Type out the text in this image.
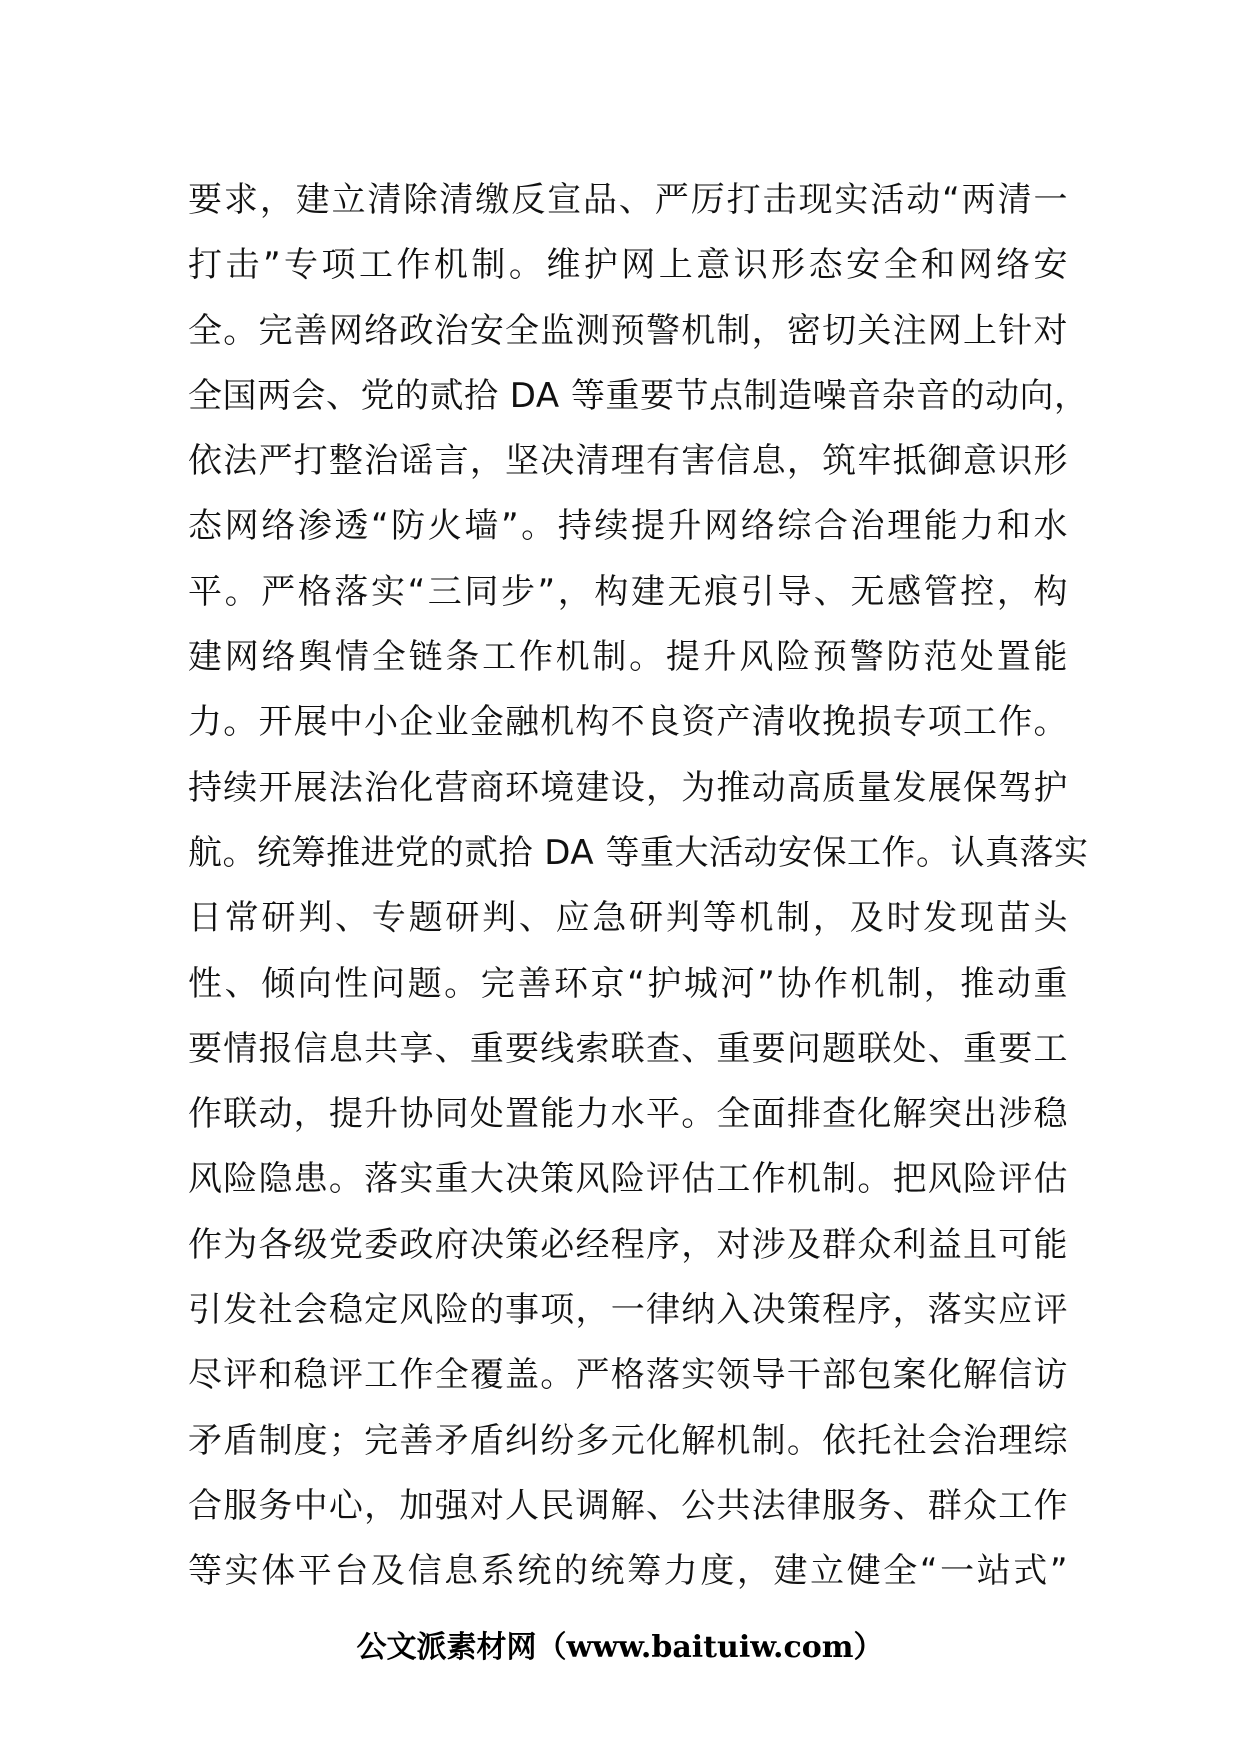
要求，建立清除清缴反宣品、严厉打击现实活动“两清一
打击”专项工作机制。维护网上意识形态安全和网络安
全。完善网络政治安全监测预警机制，密切关注网上针对
全国两会、党的贰拾 DA 等重要节点制造噪音杂音的动向，
依法严打整治谣言，坚决清理有害信息，筑牢抵御意识形
态网络渗透“防火墙”。持续提升网络综合治理能力和水
平。严格落实“三同步”，构建无痕引导、无感管控，构
建网络舆情全链条工作机制。提升风险预警防范处置能
力。开展中小企业金融机构不良资产清收挽损专项工作。
持续开展法治化营商环境建设，为推动高质量发展保驾护
航。统筹推进党的贰拾 DA 等重大活动安保工作。认真落实
日常研判、专题研判、应急研判等机制，及时发现苗头
性、倾向性问题。完善环京“护城河”协作机制，推动重
要情报信息共享、重要线索联查、重要问题联处、重要工
作联动，提升协同处置能力水平。全面排查化解突出涉稳
风险隐患。落实重大决策风险评估工作机制。把风险评估
作为各级党委政府决策必经程序，对涉及群众利益且可能
引发社会稳定风险的事项，一律纳入决策程序，落实应评
尽评和稳评工作全覆盖。严格落实领导干部包案化解信访
矛盾制度；完善矛盾纠纷多元化解机制。依托社会治理综
合服务中心，加强对人民调解、公共法律服务、群众工作
等实体平台及信息系统的统筹力度，建立健全“一站式”
公文派素材网（www.baituiw.com）
